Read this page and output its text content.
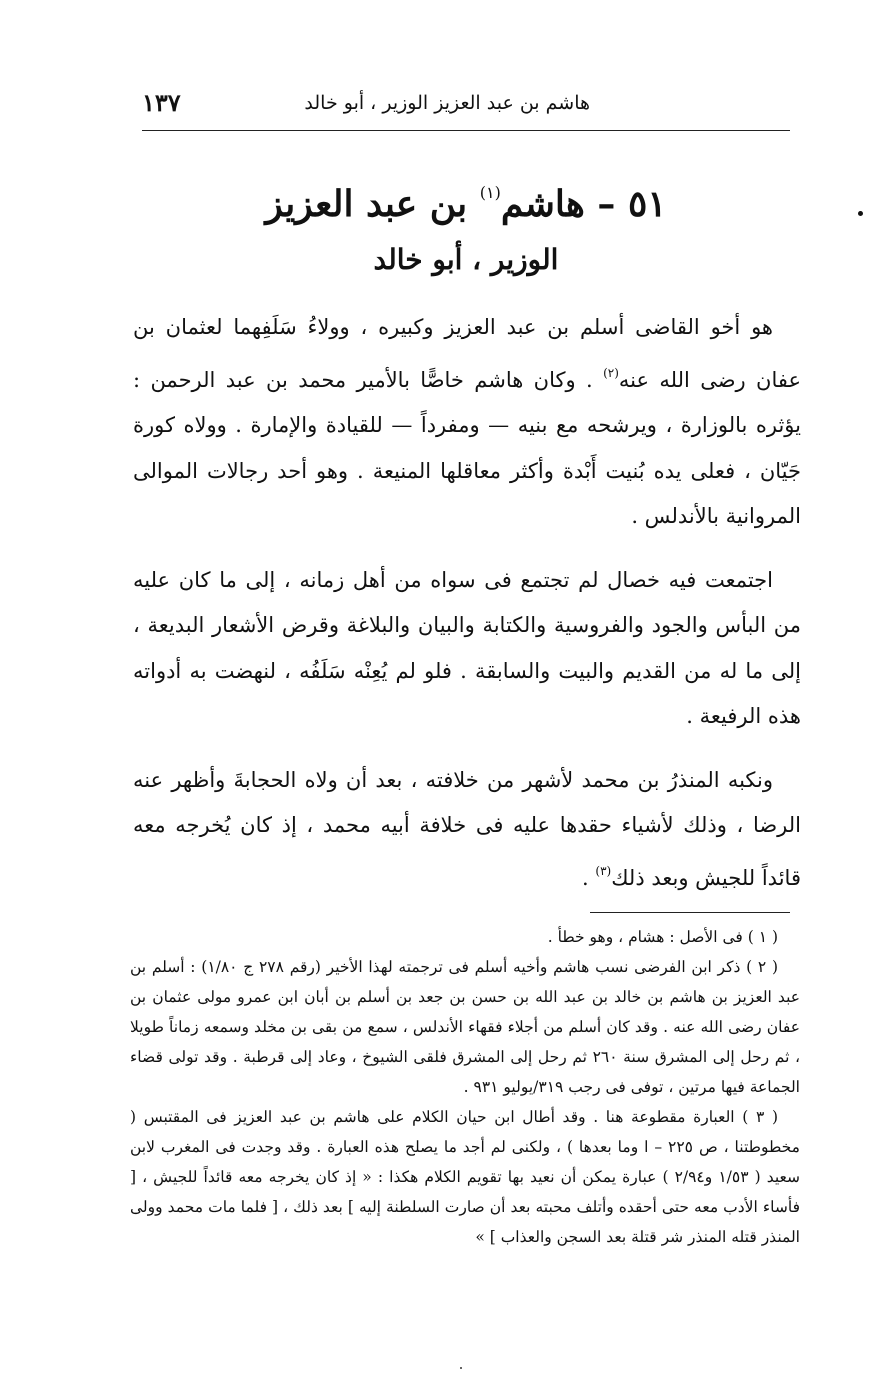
هاشم بن عبد العزيز الوزير ، أبو خالد
١٣٧
٥١ – هاشم$^{(١)}$ بن عبد العزيز
الوزير ، أبو خالد

هو أخو القاضى أسلم بن عبد العزيز وكبيره ، وولاءُ سَلَفِهما لعثمان بن عفان رضى الله عنه$^{(٢)}$ . وكان هاشم خاصًّا بالأمير محمد بن عبد الرحمن : يؤثره بالوزارة ، ويرشحه مع بنيه — ومفرداً — للقيادة والإمارة . وولاه كورة جَيّان ، فعلى يده بُنيت أَبْدة وأكثر معاقلها المنيعة . وهو أحد رجالات الموالى المروانية بالأندلس .

اجتمعت فيه خصال لم تجتمع فى سواه من أهل زمانه ، إلى ما كان عليه من البأس والجود والفروسية والكتابة والبيان والبلاغة وقرض الأشعار البديعة ، إلى ما له من القديم والبيت والسابقة . فلو لم يُعِنْه سَلَفُه ، لنهضت به أدواته هذه الرفيعة .

ونكبه المنذرُ بن محمد لأشهر من خلافته ، بعد أن ولاه الحجابةَ وأظهر عنه الرضا ، وذلك لأشياء حقدها عليه فى خلافة أبيه محمد ، إذ كان يُخرجه معه قائداً للجيش وبعد ذلك$^{(٣)}$ .

( ١ ) فى الأصل : هشام ، وهو خطأ .

( ٢ ) ذكر ابن الفرضى نسب هاشم وأخيه أسلم فى ترجمته لهذا الأخير (رقم ٢٧٨ ج ١/٨٠) : أسلم بن عبد العزيز بن هاشم بن خالد بن عبد الله بن حسن بن جعد بن أسلم بن أبان ابن عمرو مولى عثمان بن عفان رضى الله عنه . وقد كان أسلم من أجلاء فقهاء الأندلس ، سمع من بقى بن مخلد وسمعه زماناً طويلا ، ثم رحل إلى المشرق سنة ٢٦٠ ثم رحل إلى المشرق فلقى الشيوخ ، وعاد إلى قرطبة . وقد تولى قضاء الجماعة فيها مرتين ، توفى فى رجب ٣١٩/يوليو ٩٣١ .

( ٣ ) العبارة مقطوعة هنا . وقد أطال ابن حيان الكلام على هاشم بن عبد العزيز فى المقتبس ( مخطوطتنا ، ص ٢٢٥ – ا وما بعدها ) ، ولكنى لم أجد ما يصلح هذه العبارة . وقد وجدت فى المغرب لابن سعيد ( ١/٥٣ و٢/٩٤ ) عبارة يمكن أن نعيد بها تقويم الكلام هكذا : « إذ كان يخرجه معه قائداً للجيش ، [ فأساء الأدب معه حتى أحقده وأتلف محبته بعد أن صارت السلطنة إليه ] بعد ذلك ، [ فلما مات محمد وولى المنذر قتله المنذر شر قتلة بعد السجن والعذاب ] »
